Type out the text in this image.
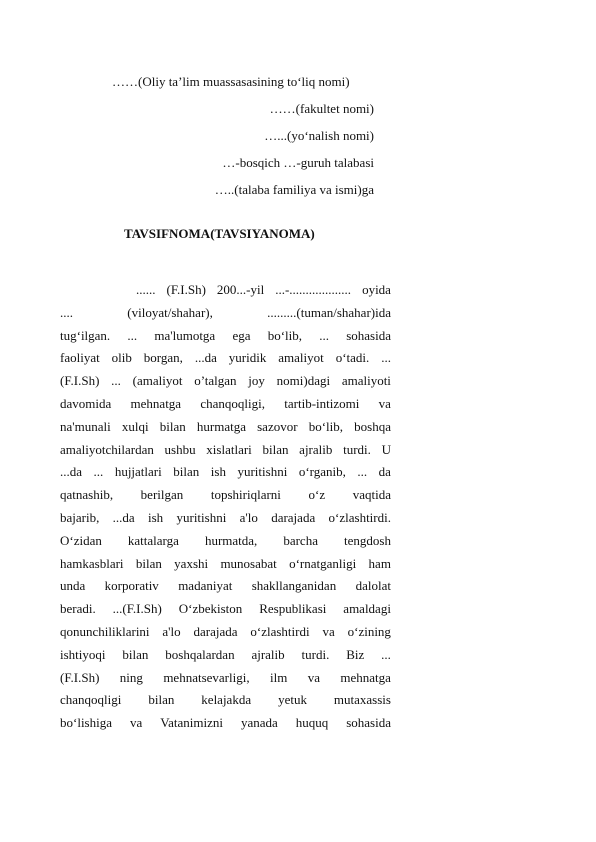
……(Oliy ta’lim muassasasining to‘liq nomi)
……(fakultet nomi)
…...(yo‘nalish nomi)
…-bosqich …-guruh talabasi
…..(talaba familiya va ismi)ga
TAVSIFNOMA(TAVSIYANOMA)
...... (F.I.Sh) 200...-yil ...-................... oyida
....	(viloyat/shahar),	.........(tuman/shahar)ida
tug‘ilgan. ... ma'lumotga ega bo‘lib, ... sohasida
faoliyat olib borgan, ...da yuridik amaliyot o‘tadi. ...
(F.I.Sh) ... (amaliyot o’talgan joy nomi)dagi amaliyoti
davomida mehnatga chanqoqligi, tartib-intizomi va
na'munali xulqi bilan hurmatga sazovor bo‘lib, boshqa
amaliyotchilardan ushbu xislatlari bilan ajralib turdi. U
...da ... hujjatlari bilan ish yuritishni o‘rganib, ... da
qatnashib, berilgan topshiriqlarni o‘z vaqtida
bajarib, ...da ish yuritishni a'lo darajada o‘zlashtirdi.
O‘zidan kattalarga hurmatda, barcha tengdosh
hamkasblari bilan yaxshi munosabat o‘rnatganligi ham
unda korporativ madaniyat shakllanganidan dalolat
beradi. ...(F.I.Sh) O‘zbekiston Respublikasi amaldagi
qonunchiliklarini a'lo darajada o‘zlashtirdi va o‘zining
ishtiyoqi bilan boshqalardan ajralib turdi. Biz ...
(F.I.Sh) ning mehnatsevarligi, ilm va mehnatga
chanqoqligi bilan kelajakda yetuk mutaxassis
bo‘lishiga va Vatanimizni yanada huquq sohasida
